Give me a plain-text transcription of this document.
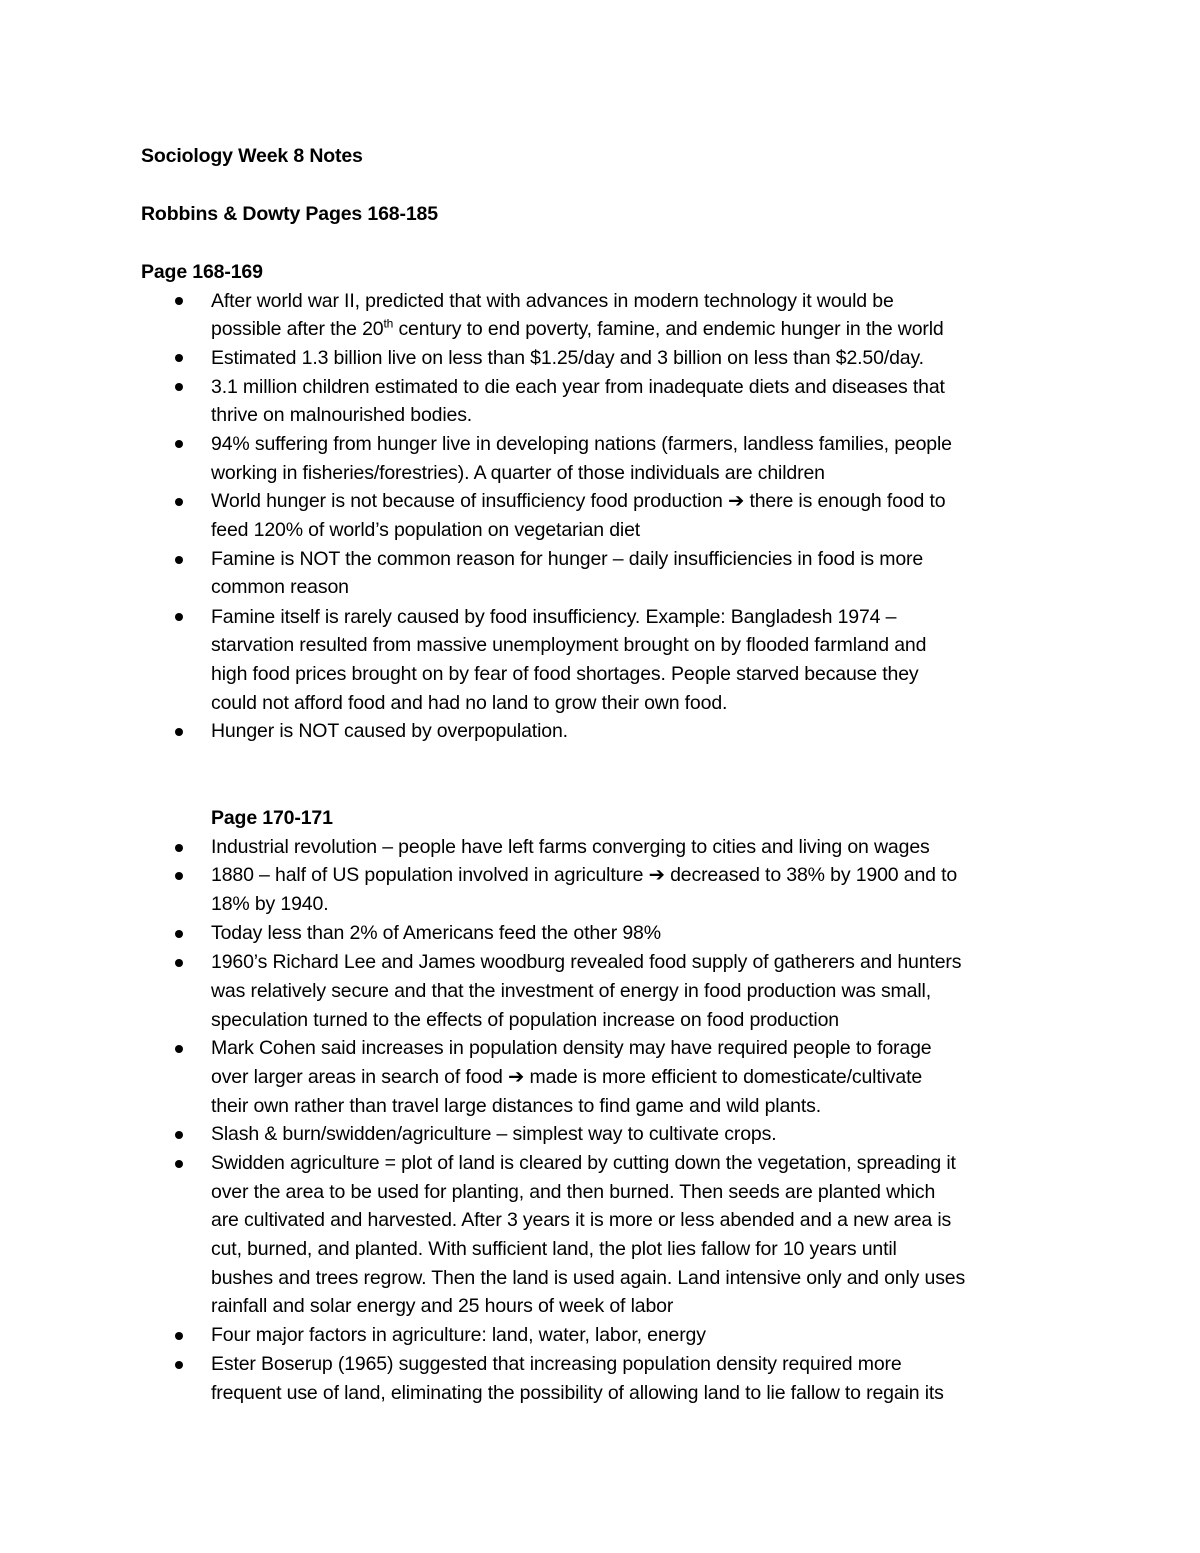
Sociology Week 8 Notes
Robbins & Dowty Pages 168-185
Page 168-169
After world war II, predicted that with advances in modern technology it would be
possible after the 20th century to end poverty, famine, and endemic hunger in the world
Estimated 1.3 billion live on less than $1.25/day and 3 billion on less than $2.50/day.
3.1 million children estimated to die each year from inadequate diets and diseases that
thrive on malnourished bodies.
94% suffering from hunger live in developing nations (farmers, landless families, people
working in fisheries/forestries). A quarter of those individuals are children
World hunger is not because of insufficiency food production ➔ there is enough food to
feed 120% of world’s population on vegetarian diet
Famine is NOT the common reason for hunger – daily insufficiencies in food is more
common reason
Famine itself is rarely caused by food insufficiency. Example: Bangladesh 1974 –
starvation resulted from massive unemployment brought on by flooded farmland and
high food prices brought on by fear of food shortages. People starved because they
could not afford food and had no land to grow their own food.
Hunger is NOT caused by overpopulation.
Page 170-171
Industrial revolution – people have left farms converging to cities and living on wages
1880 – half of US population involved in agriculture ➔ decreased to 38% by 1900 and to
18% by 1940.
Today less than 2% of Americans feed the other 98%
1960’s Richard Lee and James woodburg revealed food supply of gatherers and hunters
was relatively secure and that the investment of energy in food production was small,
speculation turned to the effects of population increase on food production
Mark Cohen said increases in population density may have required people to forage
over larger areas in search of food ➔ made is more efficient to domesticate/cultivate
their own rather than travel large distances to find game and wild plants.
Slash & burn/swidden/agriculture – simplest way to cultivate crops.
Swidden agriculture = plot of land is cleared by cutting down the vegetation, spreading it
over the area to be used for planting, and then burned. Then seeds are planted which
are cultivated and harvested. After 3 years it is more or less abended and a new area is
cut, burned, and planted. With sufficient land, the plot lies fallow for 10 years until
bushes and trees regrow. Then the land is used again. Land intensive only and only uses
rainfall and solar energy and 25 hours of week of labor
Four major factors in agriculture: land, water, labor, energy
Ester Boserup (1965) suggested that increasing population density required more
frequent use of land, eliminating the possibility of allowing land to lie fallow to regain its
